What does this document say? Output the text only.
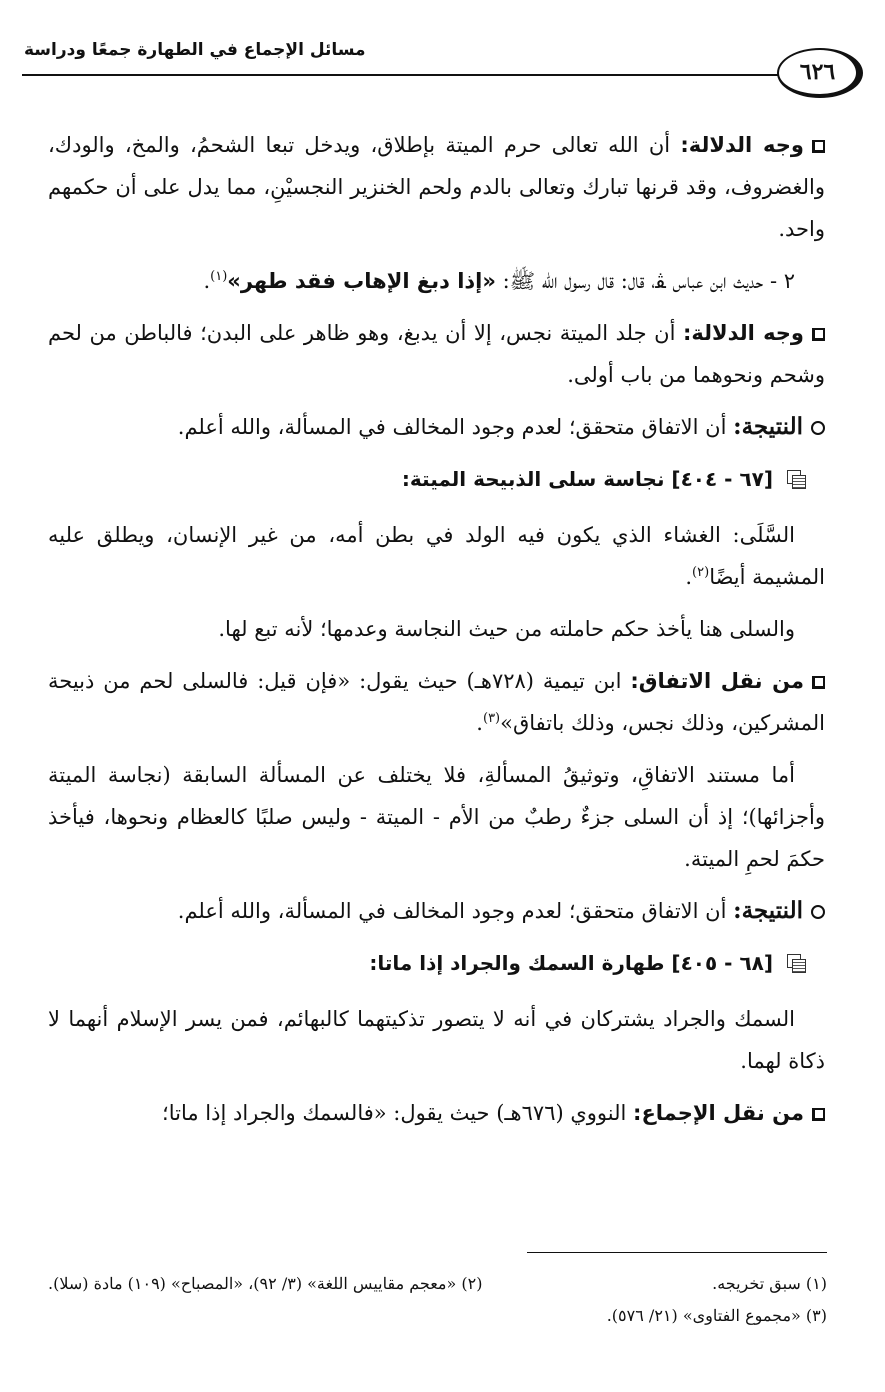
٦٢٦
مسائل الإجماع في الطهارة جمعًا ودراسة

وجه الدلالة: أن الله تعالى حرم الميتة بإطلاق، ويدخل تبعا الشحمُ، والمخ، والودك، والغضروف، وقد قرنها تبارك وتعالى بالدم ولحم الخنزير النجسيْنِ، مما يدل على أن حكمهم واحد.

٢ - حديث ابن عباس ﭭ، قال: قال رسول الله ﷺ: «إذا دبغ الإهاب فقد طهر»$^{(١)}$.

وجه الدلالة: أن جلد الميتة نجس، إلا أن يدبغ، وهو ظاهر على البدن؛ فالباطن من لحم وشحم ونحوهما من باب أولى.

النتيجة: أن الاتفاق متحقق؛ لعدم وجود المخالف في المسألة، والله أعلم.

[٦٧ - ٤٠٤] نجاسة سلى الذبيحة الميتة:

السَّلَى: الغشاء الذي يكون فيه الولد في بطن أمه، من غير الإنسان، ويطلق عليه المشيمة أيضًا$^{(٢)}$.

والسلى هنا يأخذ حكم حاملته من حيث النجاسة وعدمها؛ لأنه تبع لها.

من نقل الاتفاق: ابن تيمية (٧٢٨هـ) حيث يقول: «فإن قيل: فالسلى لحم من ذبيحة المشركين، وذلك نجس، وذلك باتفاق»$^{(٣)}$.

أما مستند الاتفاقِ، وتوثيقُ المسألةِ، فلا يختلف عن المسألة السابقة (نجاسة الميتة وأجزائها)؛ إذ أن السلى جزءٌ رطبٌ من الأم - الميتة - وليس صلبًا كالعظام ونحوها، فيأخذ حكمَ لحمِ الميتة.

النتيجة: أن الاتفاق متحقق؛ لعدم وجود المخالف في المسألة، والله أعلم.

[٦٨ - ٤٠٥] طهارة السمك والجراد إذا ماتا:

السمك والجراد يشتركان في أنه لا يتصور تذكيتهما كالبهائم، فمن يسر الإسلام أنهما لا ذكاة لهما.

من نقل الإجماع: النووي (٦٧٦هـ) حيث يقول: «فالسمك والجراد إذا ماتا؛

(١) سبق تخريجه.
(٢) «معجم مقاييس اللغة» (٣/ ٩٢)، «المصباح» (١٠٩) مادة (سلا).
(٣) «مجموع الفتاوى» (٢١/ ٥٧٦).
